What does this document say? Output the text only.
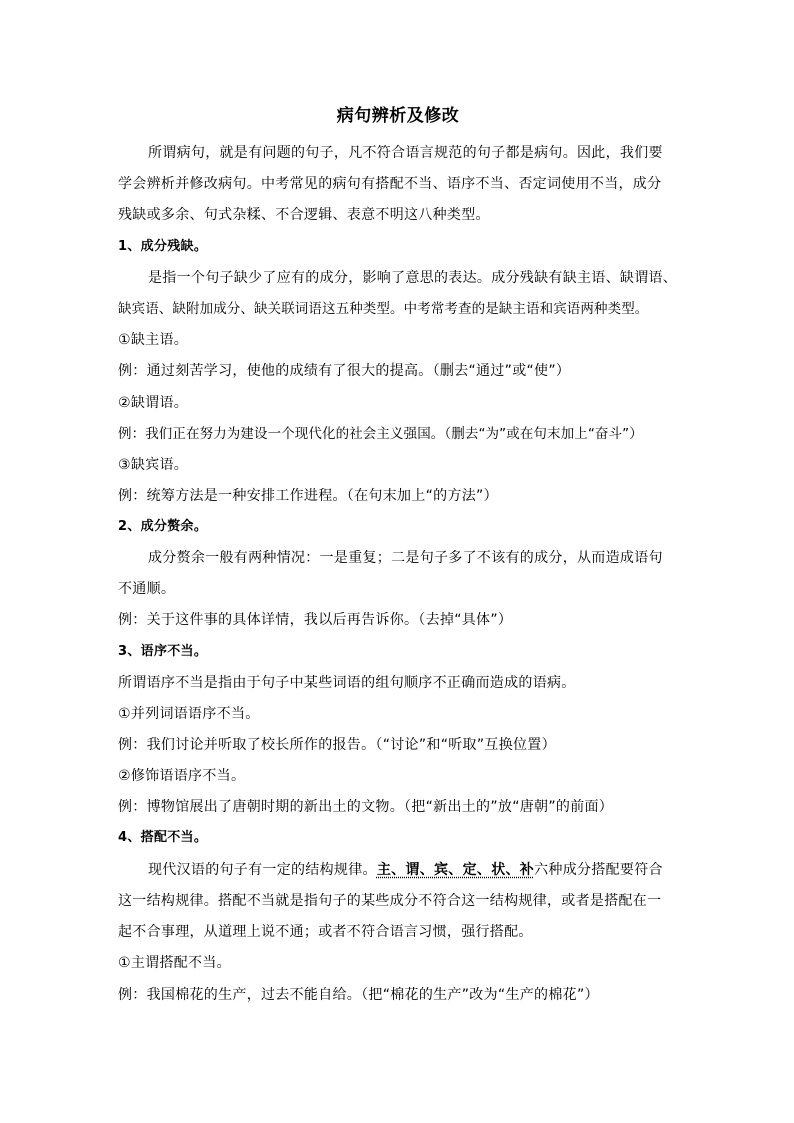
病句辨析及修改
所谓病句，就是有问题的句子，凡不符合语言规范的句子都是病句。因此，我们要
学会辨析并修改病句。中考常见的病句有搭配不当、语序不当、否定词使用不当，成分
残缺或多余、句式杂糅、不合逻辑、表意不明这八种类型。
1、成分残缺。
是指一个句子缺少了应有的成分，影响了意思的表达。成分残缺有缺主语、缺谓语、
缺宾语、缺附加成分、缺关联词语这五种类型。中考常考查的是缺主语和宾语两种类型。
①缺主语。
例：通过刻苦学习，使他的成绩有了很大的提高。（删去“通过”或“使”）
②缺谓语。
例：我们正在努力为建设一个现代化的社会主义强国。（删去“为”或在句末加上“奋斗”）
③缺宾语。
例：统筹方法是一种安排工作进程。（在句末加上“的方法”）
2、成分赘余。
成分赘余一般有两种情况：一是重复；二是句子多了不该有的成分，从而造成语句
不通顺。
例：关于这件事的具体详情，我以后再告诉你。（去掉“具体”）
3、语序不当。
所谓语序不当是指由于句子中某些词语的组句顺序不正确而造成的语病。
①并列词语语序不当。
例：我们讨论并听取了校长所作的报告。（“讨论”和“听取”互换位置）
②修饰语语序不当。
例：博物馆展出了唐朝时期的新出土的文物。（把“新出土的”放“唐朝”的前面）
4、搭配不当。
现代汉语的句子有一定的结构规律。主、谓、宾、定、状、补六种成分搭配要符合
这一结构规律。搭配不当就是指句子的某些成分不符合这一结构规律，或者是搭配在一
起不合事理，从道理上说不通；或者不符合语言习惯，强行搭配。
①主谓搭配不当。
例：我国棉花的生产，过去不能自给。（把“棉花的生产”改为“生产的棉花”）
